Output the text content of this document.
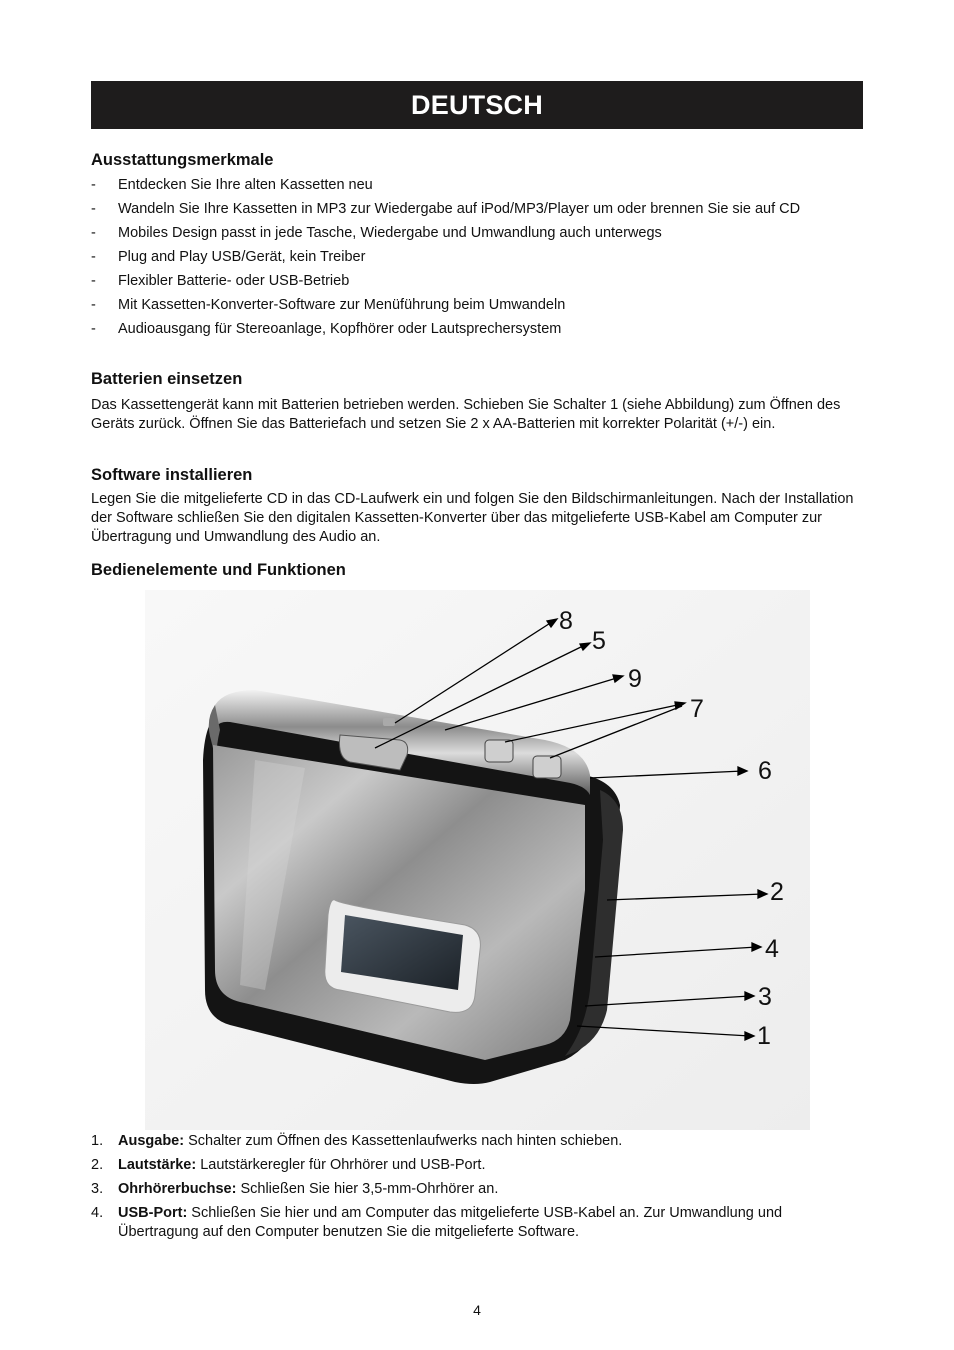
DEUTSCH
Ausstattungsmerkmale
- Entdecken Sie Ihre alten Kassetten neu
- Wandeln Sie Ihre Kassetten in MP3 zur Wiedergabe auf iPod/MP3/Player um oder brennen Sie sie auf CD
- Mobiles Design passt in jede Tasche, Wiedergabe und Umwandlung auch unterwegs
- Plug and Play USB/Gerät, kein Treiber
- Flexibler Batterie- oder USB-Betrieb
- Mit Kassetten-Konverter-Software zur Menüführung beim Umwandeln
- Audioausgang für Stereoanlage, Kopfhörer oder Lautsprechersystem
Batterien einsetzen

Das Kassettengerät kann mit Batterien betrieben werden. Schieben Sie Schalter 1 (siehe Abbildung) zum Öffnen des Geräts zurück. Öffnen Sie das Batteriefach und setzen Sie 2 x AA-Batterien mit korrekter Polarität (+/-) ein.

Software installieren

Legen Sie die mitgelieferte CD in das CD-Laufwerk ein und folgen Sie den Bildschirmanleitungen. Nach der Installation der Software schließen Sie den digitalen Kassetten-Konverter über das mitgelieferte USB-Kabel am Computer zur Übertragung und Umwandlung des Audio an.

Bedienelemente und Funktionen
8
5
9
7
6
2
4
3
1
1. Ausgabe: Schalter zum Öffnen des Kassettenlaufwerks nach hinten schieben.
2. Lautstärke: Lautstärkeregler für Ohrhörer und USB-Port.
3. Ohrhörerbuchse: Schließen Sie hier 3,5-mm-Ohrhörer an.
4. USB-Port: Schließen Sie hier und am Computer das mitgelieferte USB-Kabel an. Zur Umwandlung und Übertragung auf den Computer benutzen Sie die mitgelieferte Software.
4
